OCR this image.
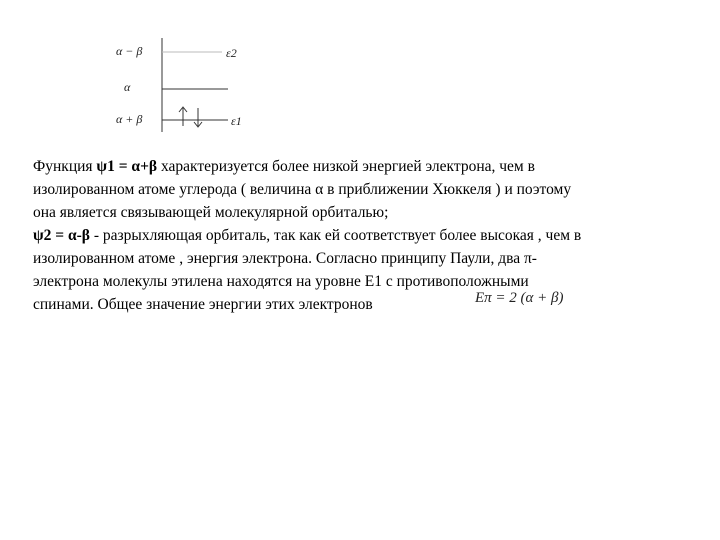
α − β
α
α + β
ε2
ε1
Функция ψ1 = α+β характеризуется более низкой энергией электрона, чем в
изолированном атоме углерода ( величина α в приближении Хюккеля ) и поэтому
она является связывающей молекулярной орбиталью;
ψ2 = α-β - разрыхляющая орбиталь, так как ей соответствует более высокая , чем в
изолированном атоме , энергия электрона. Согласно принципу Паули, два π-
электрона молекулы этилена находятся на уровне E1 с противоположными
спинами. Общее значение энергии этих электронов	Eπ = 2 (α + β)
